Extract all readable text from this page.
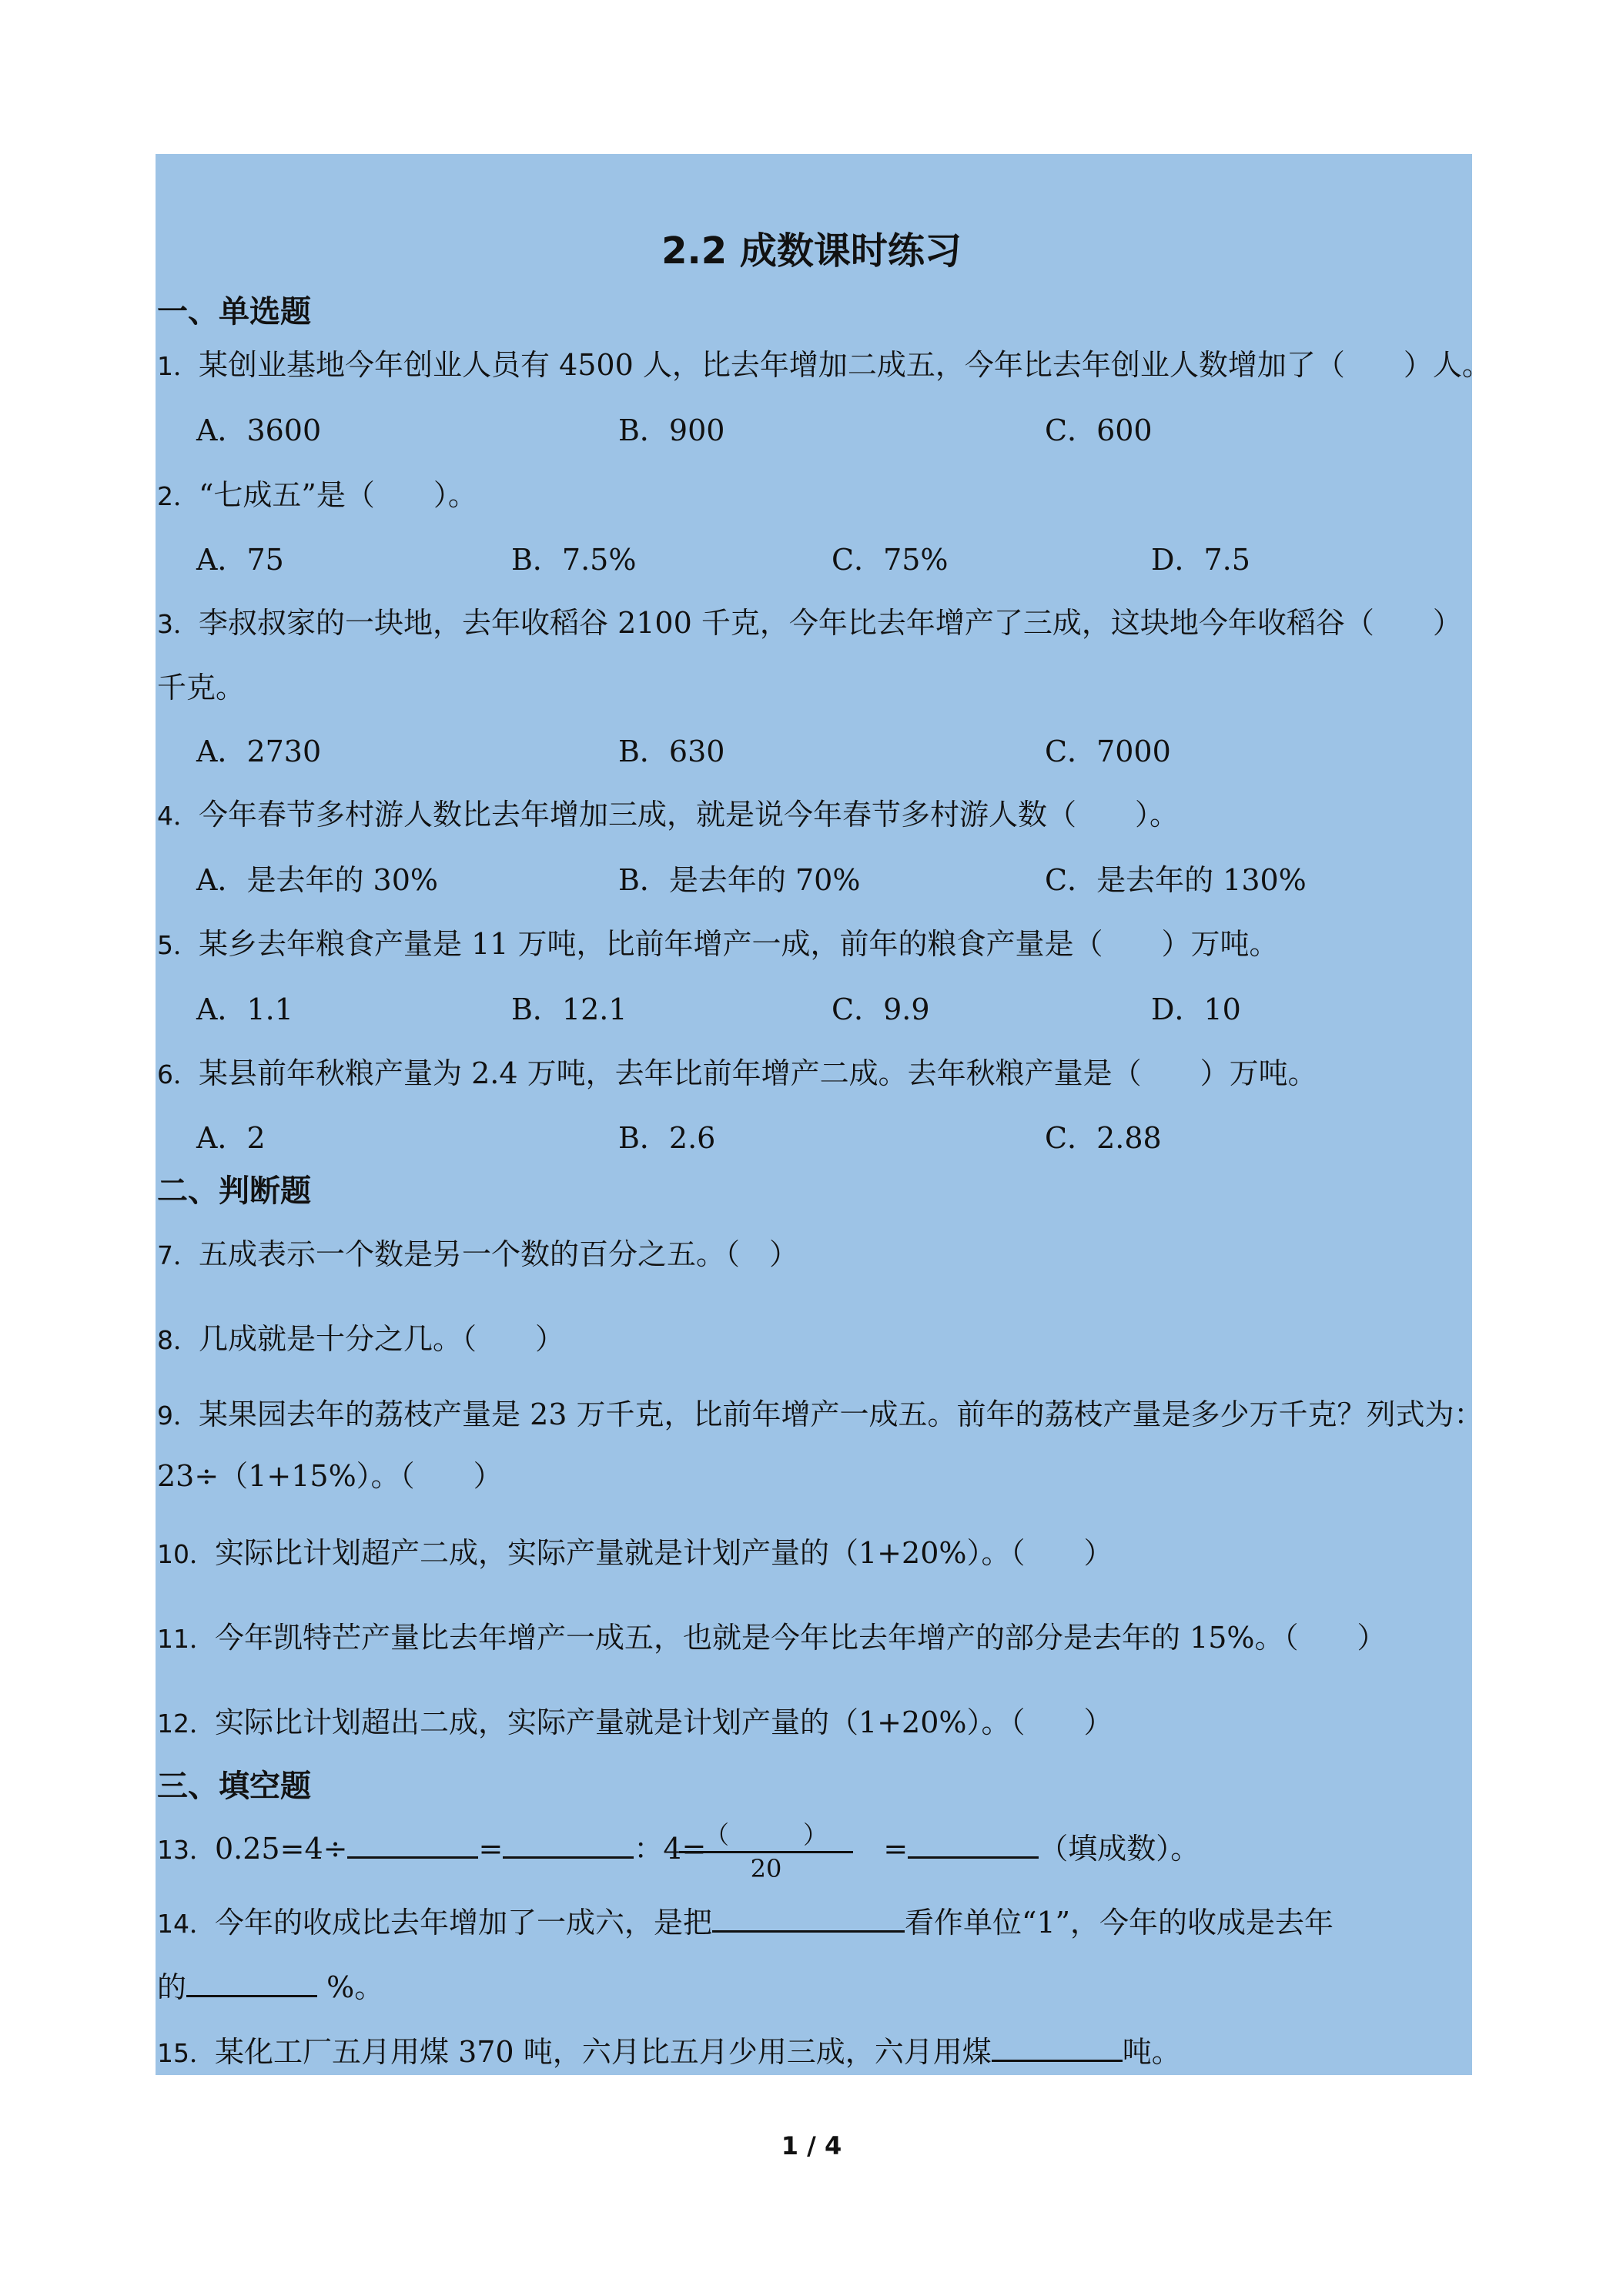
2.2 成数课时练习
一、单选题
1．某创业基地今年创业人员有 4500 人，比去年增加二成五，今年比去年创业人数增加了（　　）人。
A．3600	B．900	C．600
2．“七成五”是（　　）。
A．75	B．7.5%	C．75%	D．7.5
3．李叔叔家的一块地，去年收稻谷 2100 千克，今年比去年增产了三成，这块地今年收稻谷（　　）
千克。
A．2730	B．630	C．7000
4．今年春节多村游人数比去年增加三成，就是说今年春节多村游人数（　　）。
A．是去年的 30%	B．是去年的 70%	C．是去年的 130%
5．某乡去年粮食产量是 11 万吨，比前年增产一成，前年的粮食产量是（　　）万吨。
A．1.1	B．12.1	C．9.9	D．10
6．某县前年秋粮产量为 2.4 万吨，去年比前年增产二成。去年秋粮产量是（　　）万吨。
A．2	B．2.6	C．2.88
二、判断题
7．五成表示一个数是另一个数的百分之五。（　）
8．几成就是十分之几。（　　）
9．某果园去年的荔枝产量是 23 万千克，比前年增产一成五。前年的荔枝产量是多少万千克？列式为：
23÷（1+15%）。（　　）
10．实际比计划超产二成，实际产量就是计划产量的（1+20%）。（　　）
11．今年凯特芒产量比去年增产一成五，也就是今年比去年增产的部分是去年的 15%。（　　）
12．实际比计划超出二成，实际产量就是计划产量的（1+20%）。（　　）
三、填空题
13．0.25=4÷	=	：4=	=	（填成数）。
（　　　）
20
14．今年的收成比去年增加了一成六，是把	看作单位“1”，今年的收成是去年
的	%。
15．某化工厂五月用煤 370 吨，六月比五月少用三成，六月用煤	吨。
1 / 4
